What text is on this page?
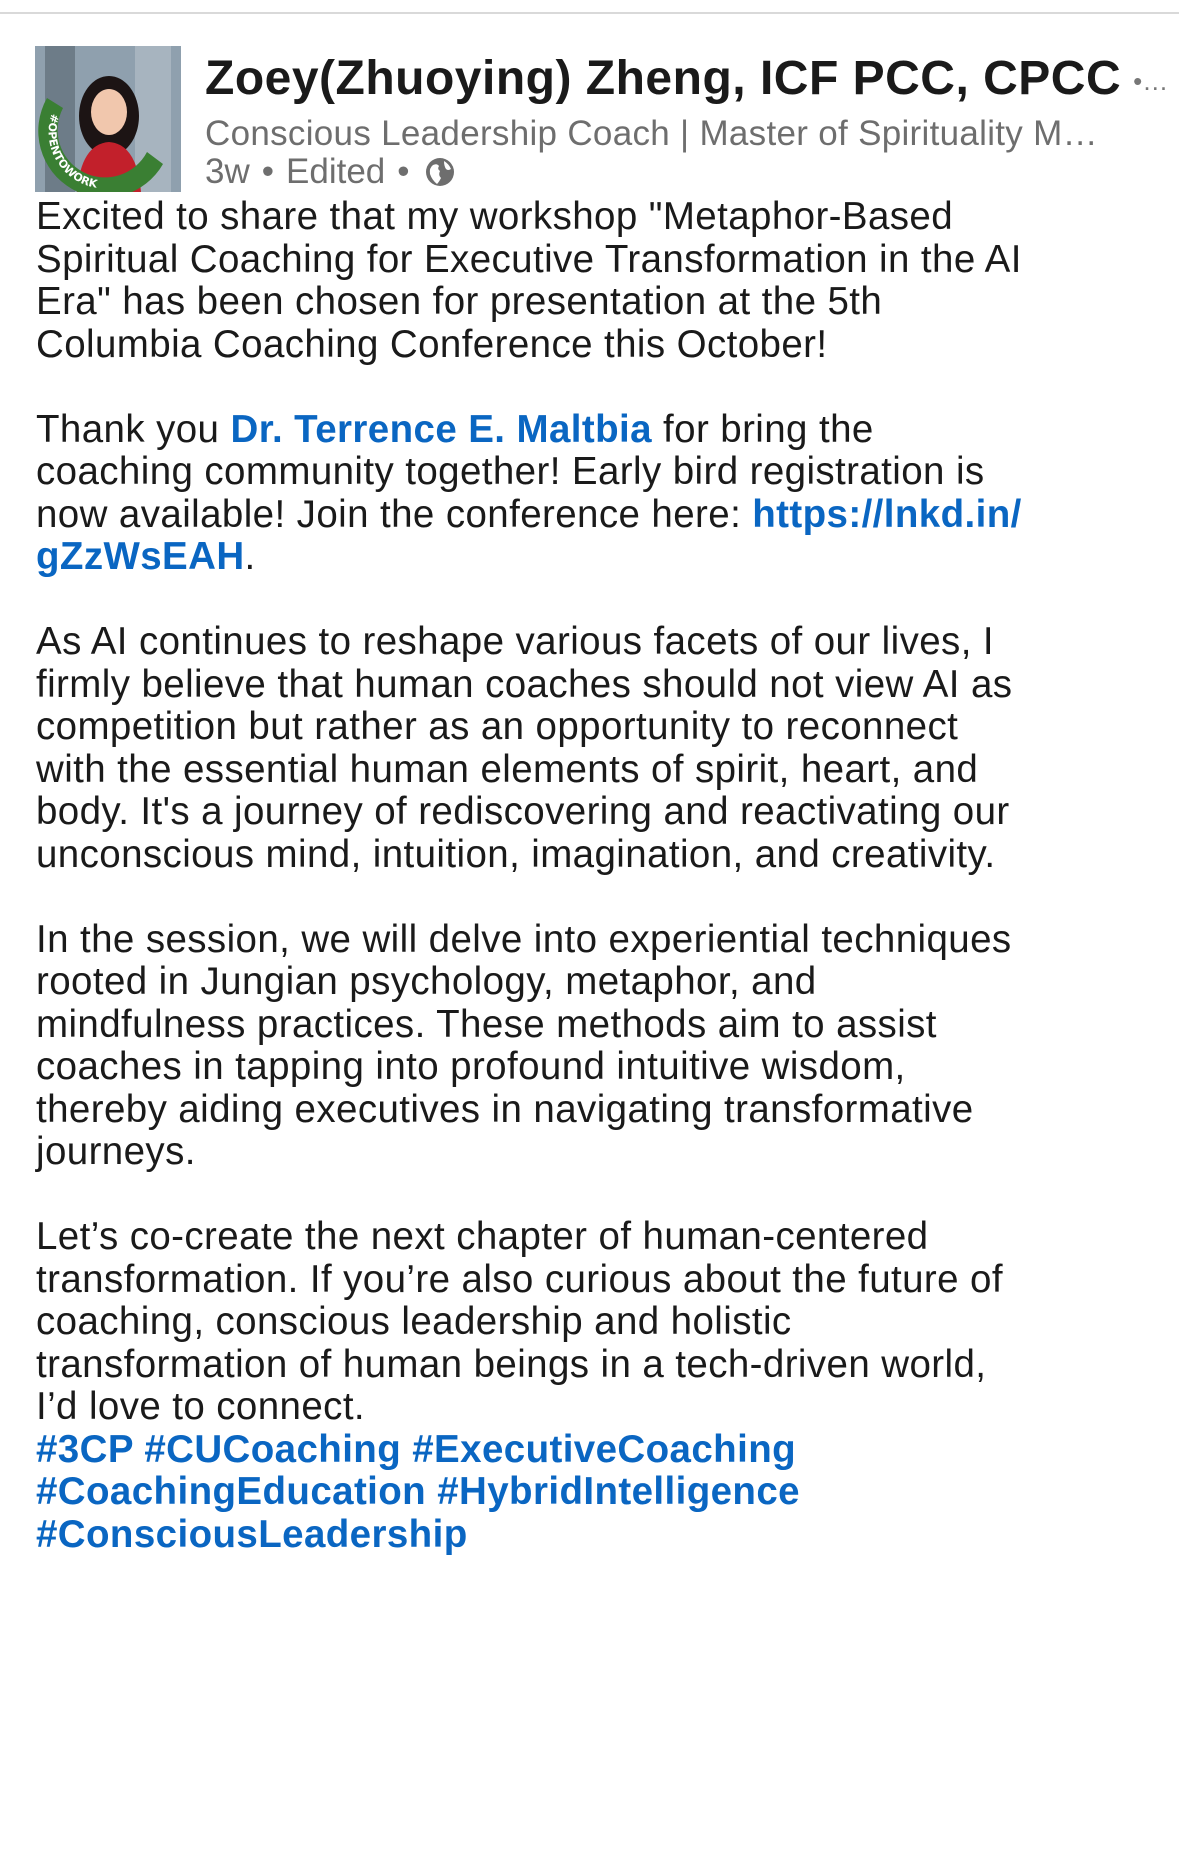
#OPENTOWORK
Zoey(Zhuoying) Zheng, ICF PCC, CPCC •…
Conscious Leadership Coach | Master of Spirituality M…
3w • Edited •

Excited to share that my workshop "Metaphor-Based
Spiritual Coaching for Executive Transformation in the AI
Era" has been chosen for presentation at the 5th
Columbia Coaching Conference this October!

Thank you Dr. Terrence E. Maltbia for bring the
coaching community together! Early bird registration is
now available! Join the conference here: https://lnkd.in/
gZzWsEAH.

As AI continues to reshape various facets of our lives, I
firmly believe that human coaches should not view AI as
competition but rather as an opportunity to reconnect
with the essential human elements of spirit, heart, and
body. It's a journey of rediscovering and reactivating our
unconscious mind, intuition, imagination, and creativity.

In the session, we will delve into experiential techniques
rooted in Jungian psychology, metaphor, and
mindfulness practices. These methods aim to assist
coaches in tapping into profound intuitive wisdom,
thereby aiding executives in navigating transformative
journeys.

Let’s co-create the next chapter of human-centered
transformation. If you’re also curious about the future of
coaching, conscious leadership and holistic
transformation of human beings in a tech-driven world,
I’d love to connect.

#3CP #CUCoaching #ExecutiveCoaching
#CoachingEducation #HybridIntelligence
#ConsciousLeadership
